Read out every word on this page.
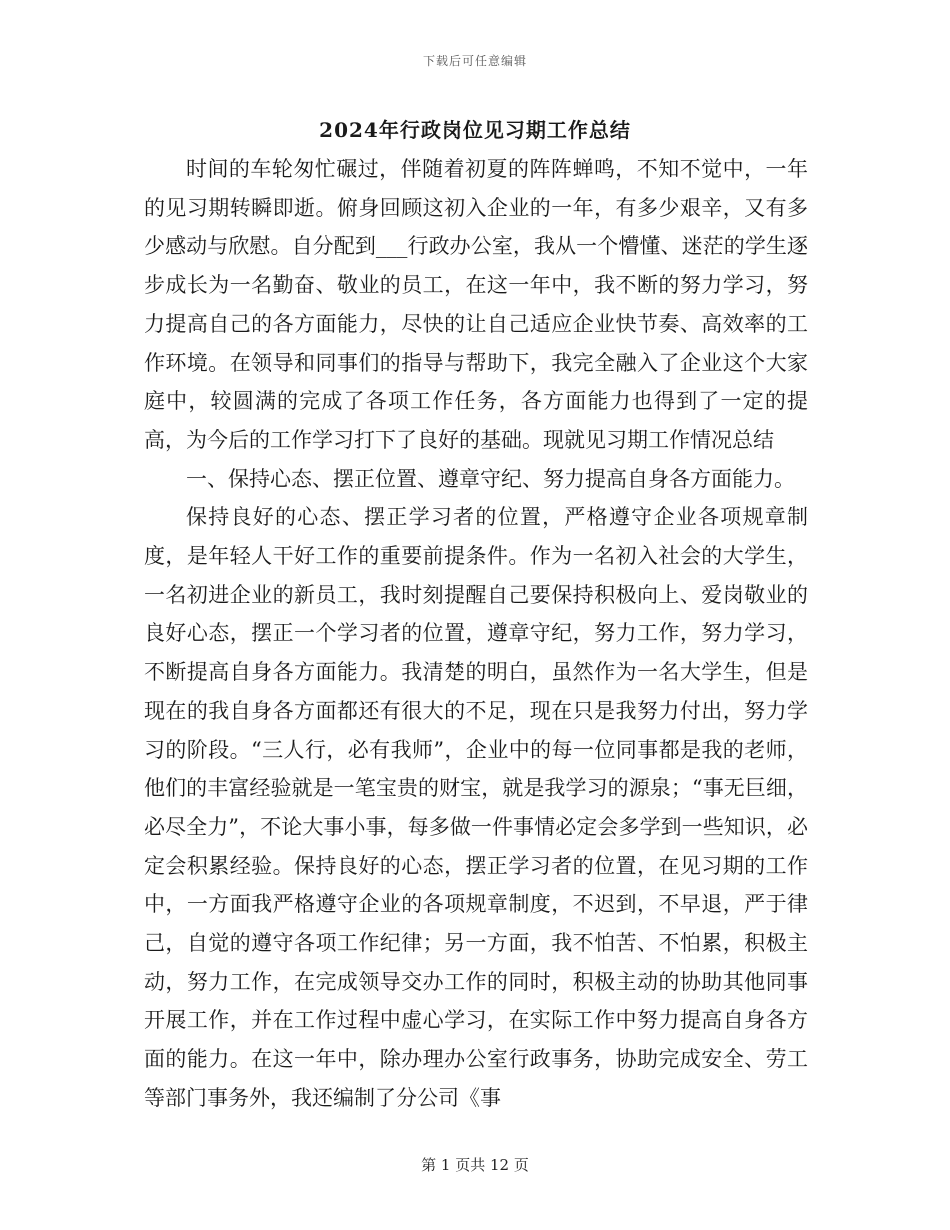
下载后可任意编辑
2024年行政岗位见习期工作总结

时间的车轮匆忙碾过，伴随着初夏的阵阵蝉鸣，不知不觉中，一年的见习期转瞬即逝。俯身回顾这初入企业的一年，有多少艰辛，又有多少感动与欣慰。自分配到___行政办公室，我从一个懵懂、迷茫的学生逐步成长为一名勤奋、敬业的员工，在这一年中，我不断的努力学习，努力提高自己的各方面能力，尽快的让自己适应企业快节奏、高效率的工作环境。在领导和同事们的指导与帮助下，我完全融入了企业这个大家庭中，较圆满的完成了各项工作任务，各方面能力也得到了一定的提高，为今后的工作学习打下了良好的基础。现就见习期工作情况总结

一、保持心态、摆正位置、遵章守纪、努力提高自身各方面能力。

保持良好的心态、摆正学习者的位置，严格遵守企业各项规章制度，是年轻人干好工作的重要前提条件。作为一名初入社会的大学生，一名初进企业的新员工，我时刻提醒自己要保持积极向上、爱岗敬业的良好心态，摆正一个学习者的位置，遵章守纪，努力工作，努力学习，不断提高自身各方面能力。我清楚的明白，虽然作为一名大学生，但是现在的我自身各方面都还有很大的不足，现在只是我努力付出，努力学习的阶段。“三人行，必有我师”，企业中的每一位同事都是我的老师，他们的丰富经验就是一笔宝贵的财宝，就是我学习的源泉；“事无巨细，必尽全力”，不论大事小事，每多做一件事情必定会多学到一些知识，必定会积累经验。保持良好的心态，摆正学习者的位置，在见习期的工作中，一方面我严格遵守企业的各项规章制度，不迟到，不早退，严于律己，自觉的遵守各项工作纪律；另一方面，我不怕苦、不怕累，积极主动，努力工作，在完成领导交办工作的同时，积极主动的协助其他同事开展工作，并在工作过程中虚心学习，在实际工作中努力提高自身各方面的能力。在这一年中，除办理办公室行政事务，协助完成安全、劳工等部门事务外，我还编制了分公司《事

第 1 页共 12 页
